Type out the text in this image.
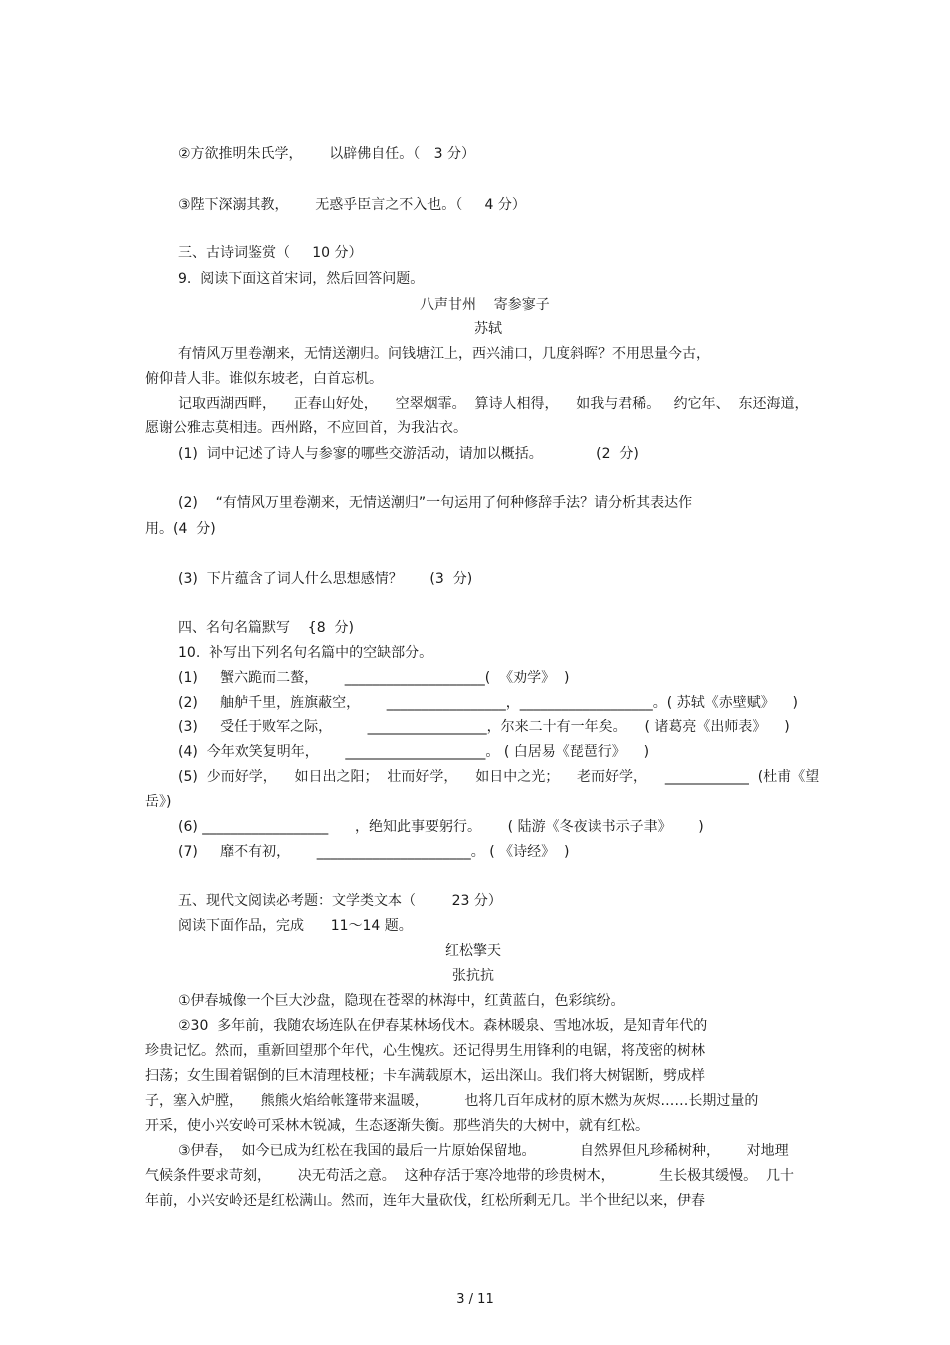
②方欲推明朱氏学，      以辟佛自任。（   3 分）
③陛下深溺其教，      无惑乎臣言之不入也。（     4 分）
三、古诗词鉴赏（     10 分）
9.  阅读下面这首宋词，然后回答问题。
八声甘州    寄参寥子
苏轼
有情风万里卷潮来，无情送潮归。问钱塘江上，西兴浦口，几度斜晖？不用思量今古，
俯仰昔人非。谁似东坡老，白首忘机。
记取西湖西畔，    正春山好处，    空翠烟霏。  算诗人相得，    如我与君稀。   约它年、  东还海道，
愿谢公雅志莫相违。西州路，不应回首，为我沾衣。
(1)  词中记述了诗人与参寥的哪些交游活动，请加以概括。            (2  分)
(2)    “有情风万里卷潮来，无情送潮归”一句运用了何种修辞手法？请分析其表达作
用。(4  分)
(3)  下片蕴含了词人什么思想感情？      (3  分)
四、名句名篇默写    {8  分)
10.  补写出下列名句名篇中的空缺部分。
(1)     蟹六跪而二螯，      ____________________(  《劝学》  )
(2)     舳舻千里，旌旗蔽空，      _________________，___________________。( 苏轼《赤壁赋》    )
(3)     受任于败军之际，        _________________，尔来二十有一年矣。    ( 诸葛亮《出师表》    )
(4)  今年欢笑复明年，      ____________________。 ( 白居易《琵琶行》    )
(5)  少而好学，    如日出之阳；  壮而好学，    如日中之光；    老而好学，    ____________  (杜甫《望
岳》)
(6) __________________      ，绝知此事要躬行。      ( 陆游《冬夜读书示子聿》      )
(7)     靡不有初，      ______________________。 ( 《诗经》  )
五、现代文阅读必考题：文学类文本（        23 分）
阅读下面作品，完成      11～14 题。
红松擎天
张抗抗
①伊春城像一个巨大沙盘，隐现在苍翠的林海中，红黄蓝白，色彩缤纷。
②30  多年前，我随农场连队在伊春某林场伐木。森林暖泉、雪地冰坂，是知青年代的
珍贵记忆。然而，重新回望那个年代，心生愧疚。还记得男生用锋利的电锯，将茂密的树林
扫荡；女生围着锯倒的巨木清理枝桠；卡车满载原木，运出深山。我们将大树锯断，劈成样
子，塞入炉膛，    熊熊火焰给帐篷带来温暖，        也将几百年成材的原木燃为灰烬……长期过量的
开采，使小兴安岭可采林木锐减，生态逐渐失衡。那些消失的大树中，就有红松。
③伊春，  如今已成为红松在我国的最后一片原始保留地。          自然界但凡珍稀树种，      对地理
气候条件要求苛刻，      决无苟活之意。  这种存活于寒冷地带的珍贵树木，          生长极其缓慢。  几十
年前，小兴安岭还是红松满山。然而，连年大量砍伐，红松所剩无几。半个世纪以来，伊春
3 / 11
